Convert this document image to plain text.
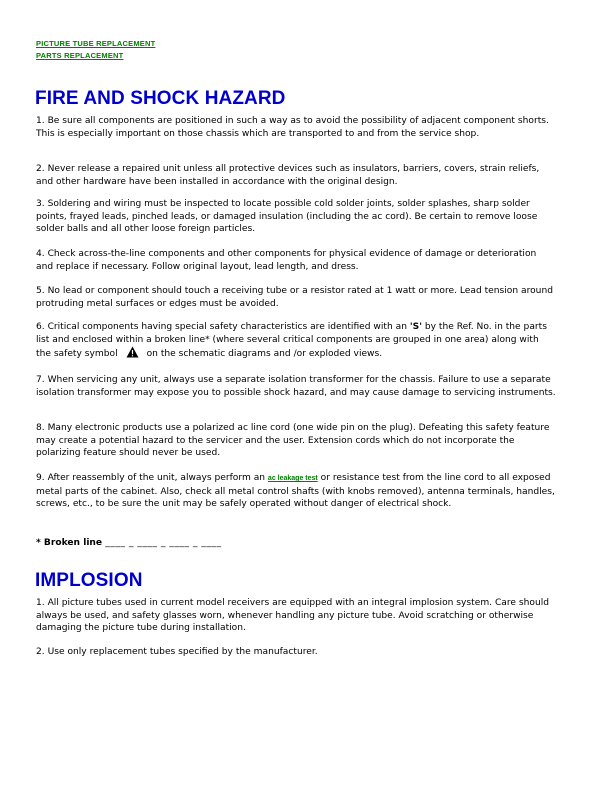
PICTURE TUBE REPLACEMENT
PARTS REPLACEMENT
FIRE AND SHOCK HAZARD

1. Be sure all components are positioned in such a way as to avoid the possibility of adjacent component shorts. This is especially important on those chassis which are transported to and from the service shop.

2. Never release a repaired unit unless all protective devices such as insulators, barriers, covers, strain reliefs, and other hardware have been installed in accordance with the original design.

3. Soldering and wiring must be inspected to locate possible cold solder joints, solder splashes, sharp solder points, frayed leads, pinched leads, or damaged insulation (including the ac cord). Be certain to remove loose solder balls and all other loose foreign particles.

4. Check across-the-line components and other components for physical evidence of damage or deterioration and replace if necessary. Follow original layout, lead length, and dress.

5. No lead or component should touch a receiving tube or a resistor rated at 1 watt or more. Lead tension around protruding metal surfaces or edges must be avoided.

6. Critical components having special safety characteristics are identified with an 'S' by the Ref. No. in the parts list and enclosed within a broken line* (where several critical components are grouped in one area) along with the safety symbol	on the schematic diagrams and /or exploded views.

7. When servicing any unit, always use a separate isolation transformer for the chassis. Failure to use a separate isolation transformer may expose you to possible shock hazard, and may cause damage to servicing instruments.

8. Many electronic products use a polarized ac line cord (one wide pin on the plug). Defeating this safety feature may create a potential hazard to the servicer and the user. Extension cords which do not incorporate the polarizing feature should never be used.

9. After reassembly of the unit, always perform an ac leakage test or resistance test from the line cord to all exposed metal parts of the cabinet. Also, check all metal control shafts (with knobs removed), antenna terminals, handles, screws, etc., to be sure the unit may be safely operated without danger of electrical shock.

* Broken line ____ _ ____ _ ____ _ ____
IMPLOSION

1. All picture tubes used in current model receivers are equipped with an integral implosion system. Care should always be used, and safety glasses worn, whenever handling any picture tube. Avoid scratching or otherwise damaging the picture tube during installation.

2. Use only replacement tubes specified by the manufacturer.
